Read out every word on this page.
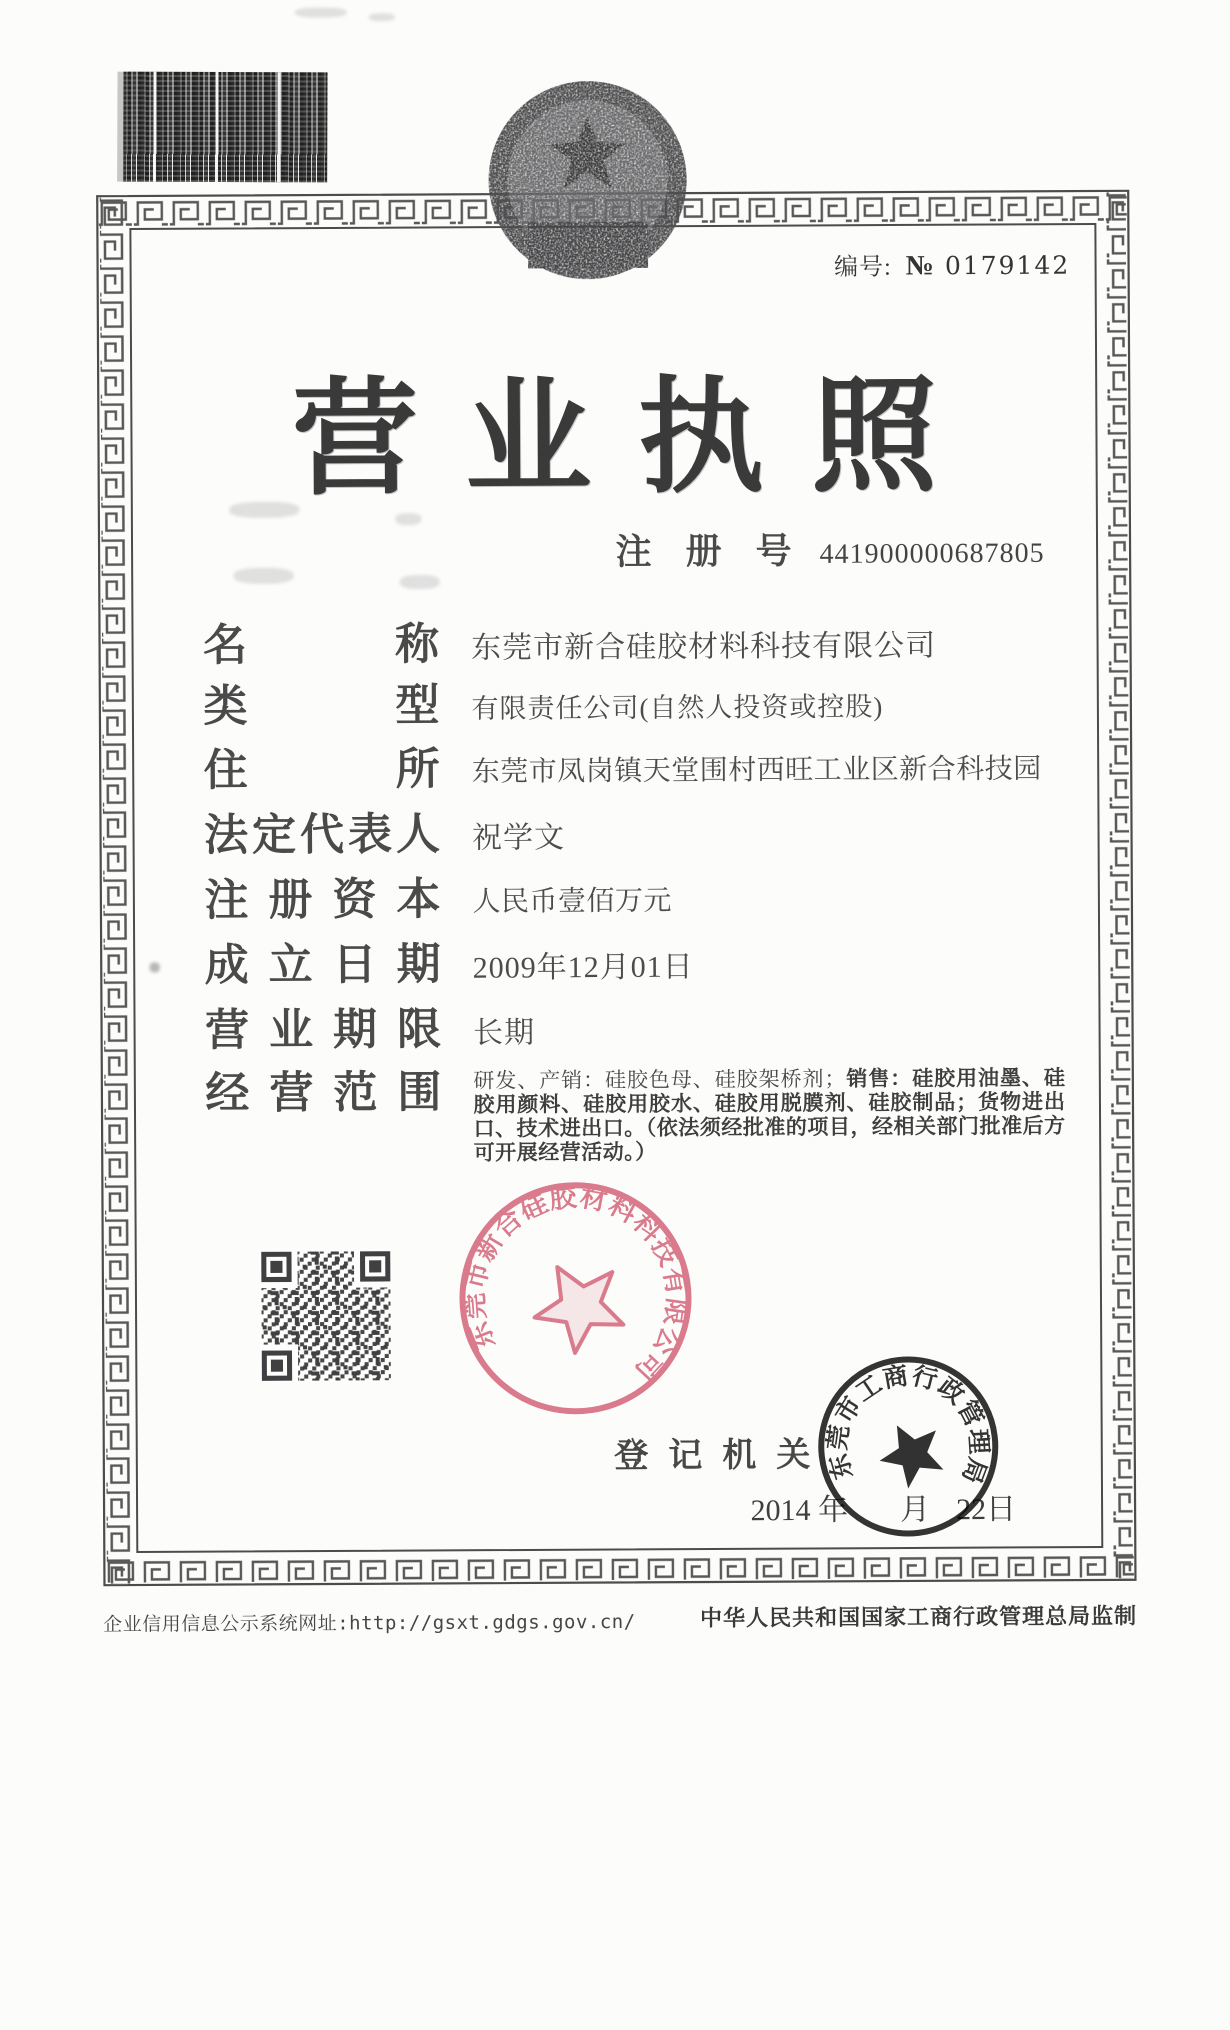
编号: № 0179142
营业执照
注册号 441900000687805
名称 东莞市新合硅胶材料科技有限公司
类型 有限责任公司(自然人投资或控股)
住所 东莞市凤岗镇天堂围村西旺工业区新合科技园
法定代表人 祝学文
注册资本 人民币壹佰万元
成立日期 2009年12月01日
营业期限 长期
经营范围 研发、产销：硅胶色母、硅胶架桥剂；销售：硅胶用油墨、硅胶用颜料、硅胶用胶水、硅胶用脱膜剂、硅胶制品；货物进出口、技术进出口。（依法须经批准的项目，经相关部门批准后方可开展经营活动。）
东莞市新合硅胶材料科技有限公司
登记机关
2014 年 月 22日
东莞市工商行政管理局
企业信用信息公示系统网址:http://gsxt.gdgs.gov.cn/	中华人民共和国国家工商行政管理总局监制
